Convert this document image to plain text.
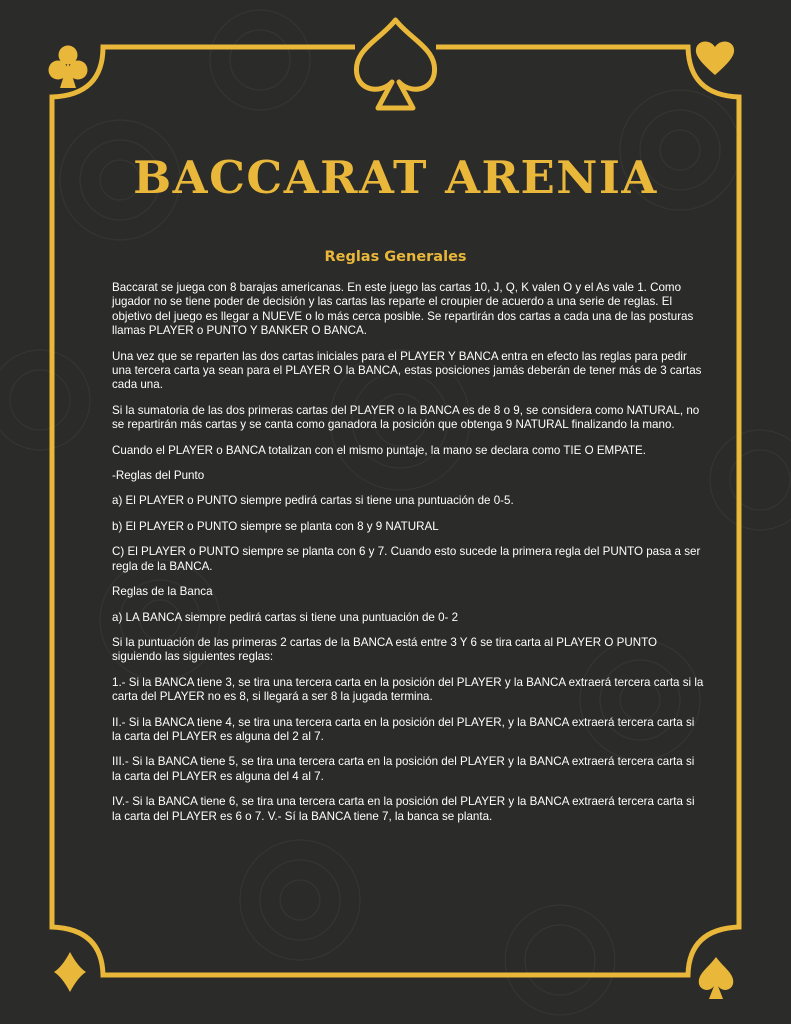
BACCARAT ARENIA
Reglas Generales

Baccarat se juega con 8 barajas americanas. En este juego las cartas 10, J, Q, K valen O y el As vale 1. Como jugador no se tiene poder de decisión y las cartas las reparte el croupier de acuerdo a una serie de reglas. El objetivo del juego es llegar a NUEVE o lo más cerca posible. Se repartirán dos cartas a cada una de las posturas llamas PLAYER o PUNTO Y BANKER O BANCA.

Una vez que se reparten las dos cartas iniciales para el PLAYER Y BANCA entra en efecto las reglas para pedir una tercera carta ya sean para el PLAYER O la BANCA, estas posiciones jamás deberán de tener más de 3 cartas cada una.

Si la sumatoria de las dos primeras cartas del PLAYER o la BANCA es de 8 o 9, se considera como NATURAL, no se repartirán más cartas y se canta como ganadora la posición que obtenga 9 NATURAL finalizando la mano.

Cuando el PLAYER o BANCA totalizan con el mismo puntaje, la mano se declara como TIE O EMPATE.

-Reglas del Punto

a) El PLAYER o PUNTO siempre pedirá cartas si tiene una puntuación de 0-5.

b) El PLAYER o PUNTO siempre se planta con 8 y 9 NATURAL

C) El PLAYER o PUNTO siempre se planta con 6 y 7. Cuando esto sucede la primera regla del PUNTO pasa a ser regla de la BANCA.

Reglas de la Banca

a) LA BANCA siempre pedirá cartas si tiene una puntuación de 0- 2

Si la puntuación de las primeras 2 cartas de la BANCA está entre 3 Y 6 se tira carta al PLAYER O PUNTO siguiendo las siguientes reglas:

1.- Si la BANCA tiene 3, se tira una tercera carta en la posición del PLAYER y la BANCA extraerá tercera carta si la carta del PLAYER no es 8, si llegará a ser 8 la jugada termina.

II.- Si la BANCA tiene 4, se tira una tercera carta en la posición del PLAYER, y la BANCA extraerá tercera carta si la carta del PLAYER es alguna del 2 al 7.

III.- Si la BANCA tiene 5, se tira una tercera carta en la posición del PLAYER y la BANCA extraerá tercera carta si la carta del PLAYER es alguna del 4 al 7.

IV.- Si la BANCA tiene 6, se tira una tercera carta en la posición del PLAYER y la BANCA extraerá tercera carta si la carta del PLAYER es 6 o 7. V.- Sí la BANCA tiene 7, la banca se planta.
